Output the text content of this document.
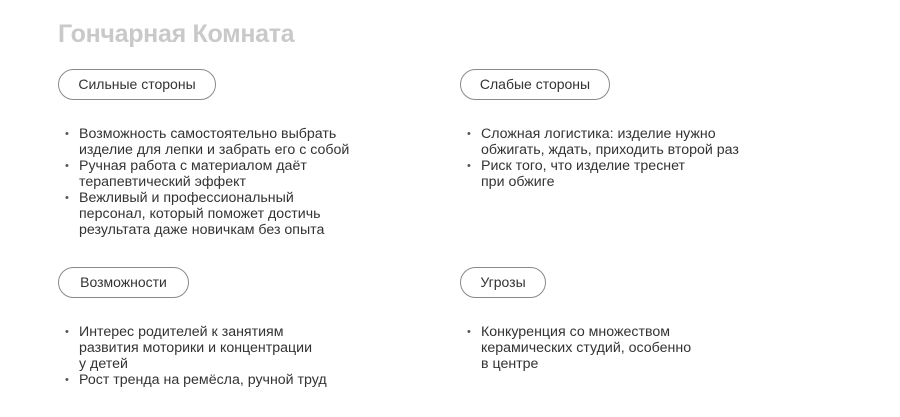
Гончарная Комната
Сильные стороны
• Возможность самостоятельно выбрать
изделие для лепки и забрать его с собой
• Ручная работа с материалом даёт
терапевтический эффект
• Вежливый и профессиональный
персонал, который поможет достичь
результата даже новичкам без опыта
Слабые стороны
• Сложная логистика: изделие нужно
обжигать, ждать, приходить второй раз
• Риск того, что изделие треснет
при обжиге
Возможности
• Интерес родителей к занятиям
развития моторики и концентрации
у детей
• Рост тренда на ремёсла, ручной труд
Угрозы
• Конкуренция со множеством
керамических студий, особенно
в центре
